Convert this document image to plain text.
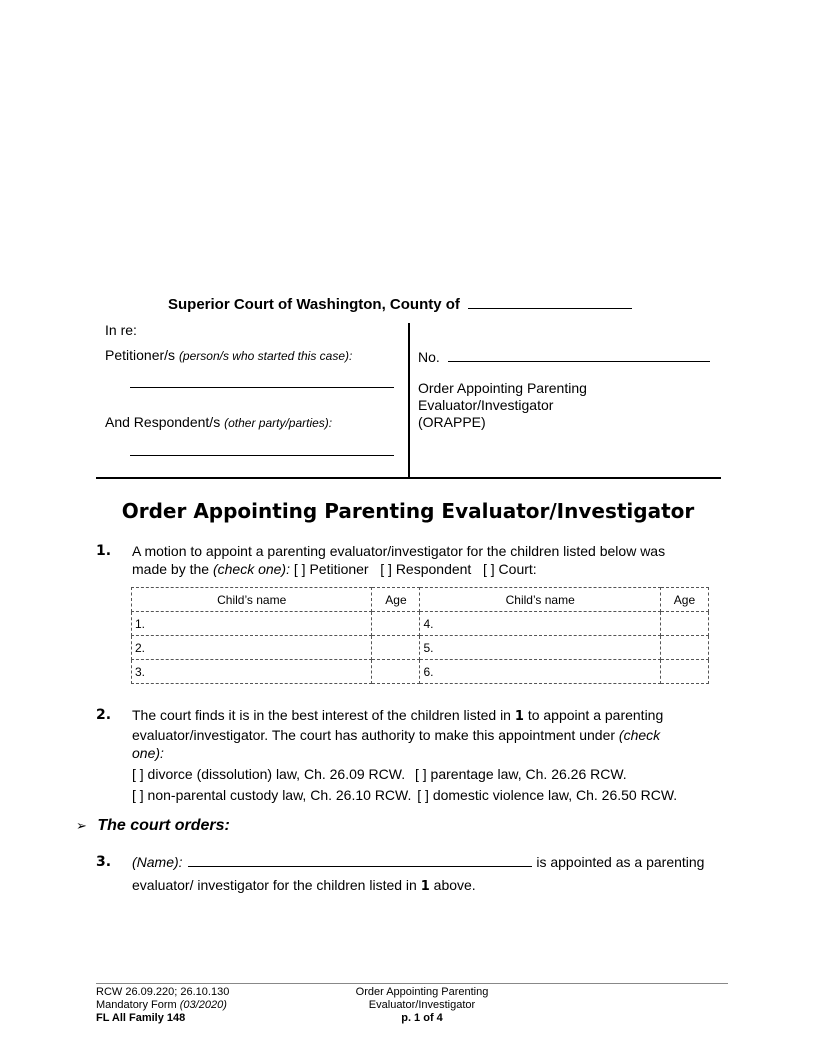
Superior Court of Washington, County of
In re:
Petitioner/s (person/s who started this case):
And Respondent/s (other party/parties):
No.
Order Appointing Parenting
Evaluator/Investigator
(ORAPPE)
Order Appointing Parenting Evaluator/Investigator
1. A motion to appoint a parenting evaluator/investigator for the children listed below was
made by the (check one): [ ] Petitioner   [ ] Respondent   [ ] Court:
Child’s name	Age	Child’s name	Age
1.		4.	
2.		5.	
3.		6.	
2. The court finds it is in the best interest of the children listed in 1 to appoint a parenting
evaluator/investigator. The court has authority to make this appointment under (check
one):
[ ] divorce (dissolution) law, Ch. 26.09 RCW. [ ] parentage law, Ch. 26.26 RCW.
[ ] non-parental custody law, Ch. 26.10 RCW. [ ] domestic violence law, Ch. 26.50 RCW.
➢ The court orders:
3. (Name):	is appointed as a parenting
evaluator/ investigator for the children listed in 1 above.
RCW 26.09.220; 26.10.130
Mandatory Form (03/2020)
FL All Family 148
Order Appointing Parenting
Evaluator/Investigator
p. 1 of 4
